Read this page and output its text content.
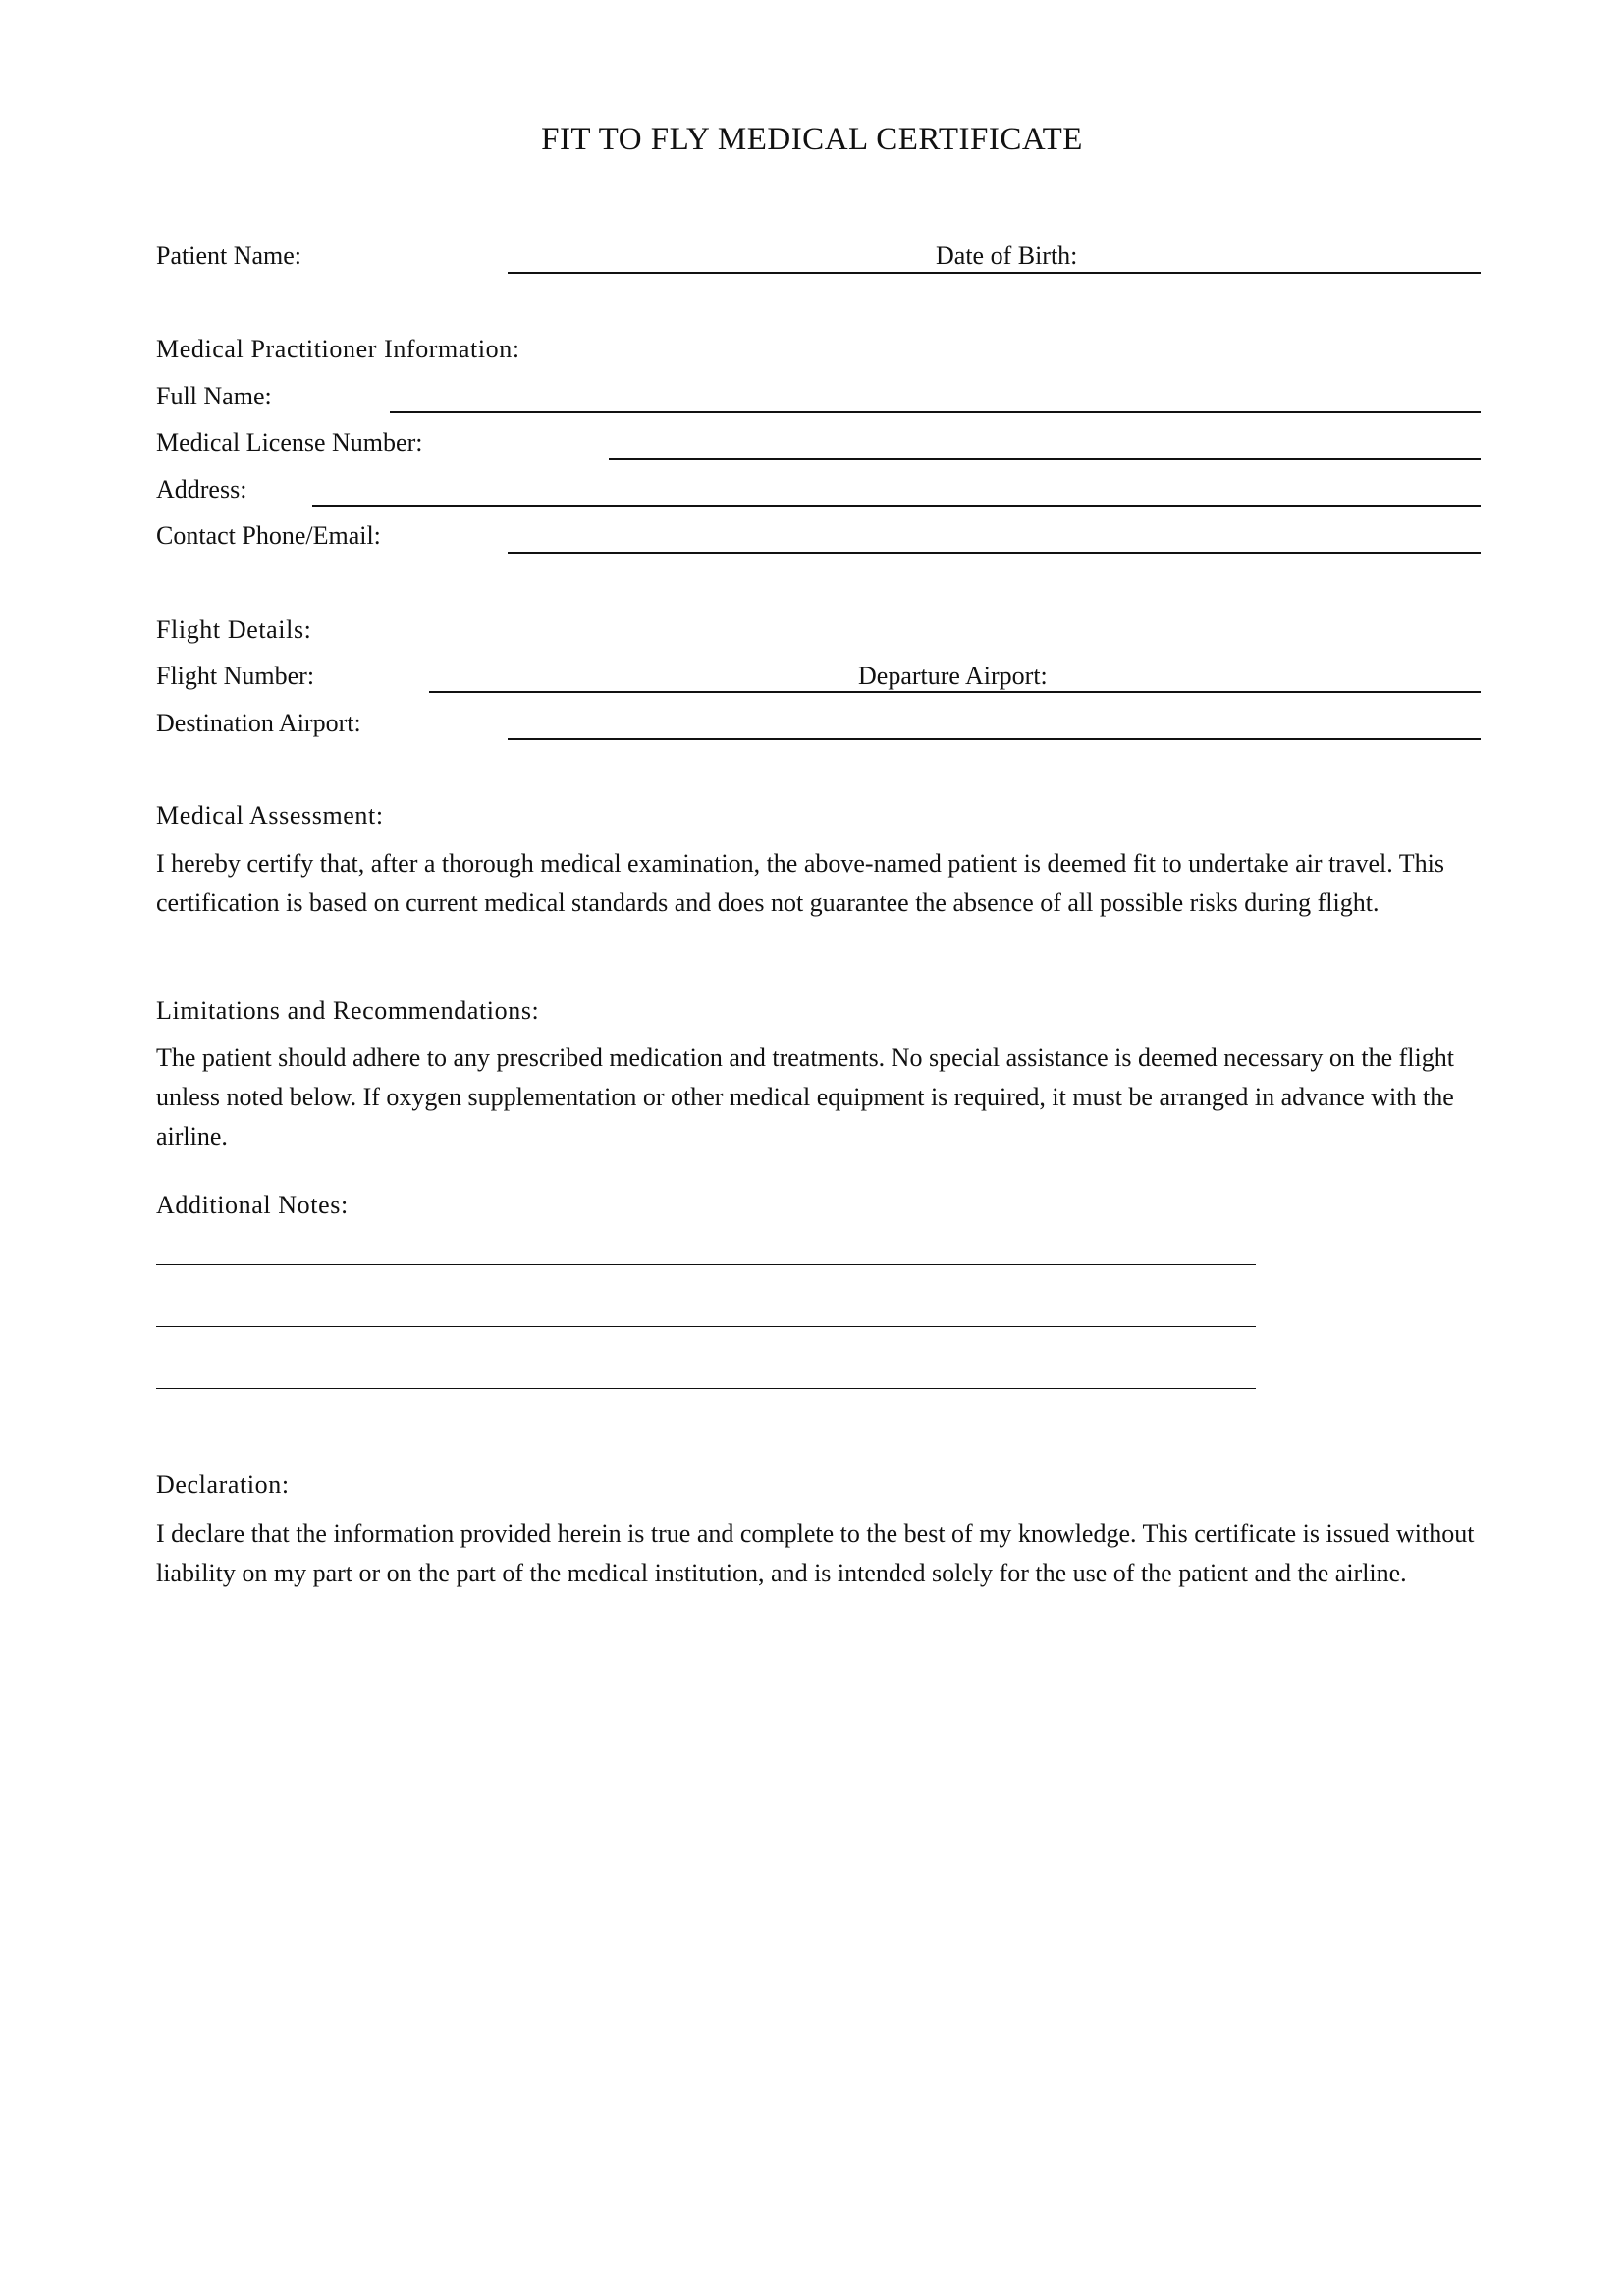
FIT TO FLY MEDICAL CERTIFICATE
Patient Name:	Date of Birth:
Medical Practitioner Information:
Full Name:
Medical License Number:
Address:
Contact Phone/Email:
Flight Details:
Flight Number:	Departure Airport:
Destination Airport:
Medical Assessment:
I hereby certify that, after a thorough medical examination, the above-named patient is deemed fit to undertake air travel. This certification is based on current medical standards and does not guarantee the absence of all possible risks during flight.
Limitations and Recommendations:
The patient should adhere to any prescribed medication and treatments. No special assistance is deemed necessary on the flight unless noted below. If oxygen supplementation or other medical equipment is required, it must be arranged in advance with the airline.
Additional Notes:
Declaration:
I declare that the information provided herein is true and complete to the best of my knowledge. This certificate is issued without liability on my part or on the part of the medical institution, and is intended solely for the use of the patient and the airline.
